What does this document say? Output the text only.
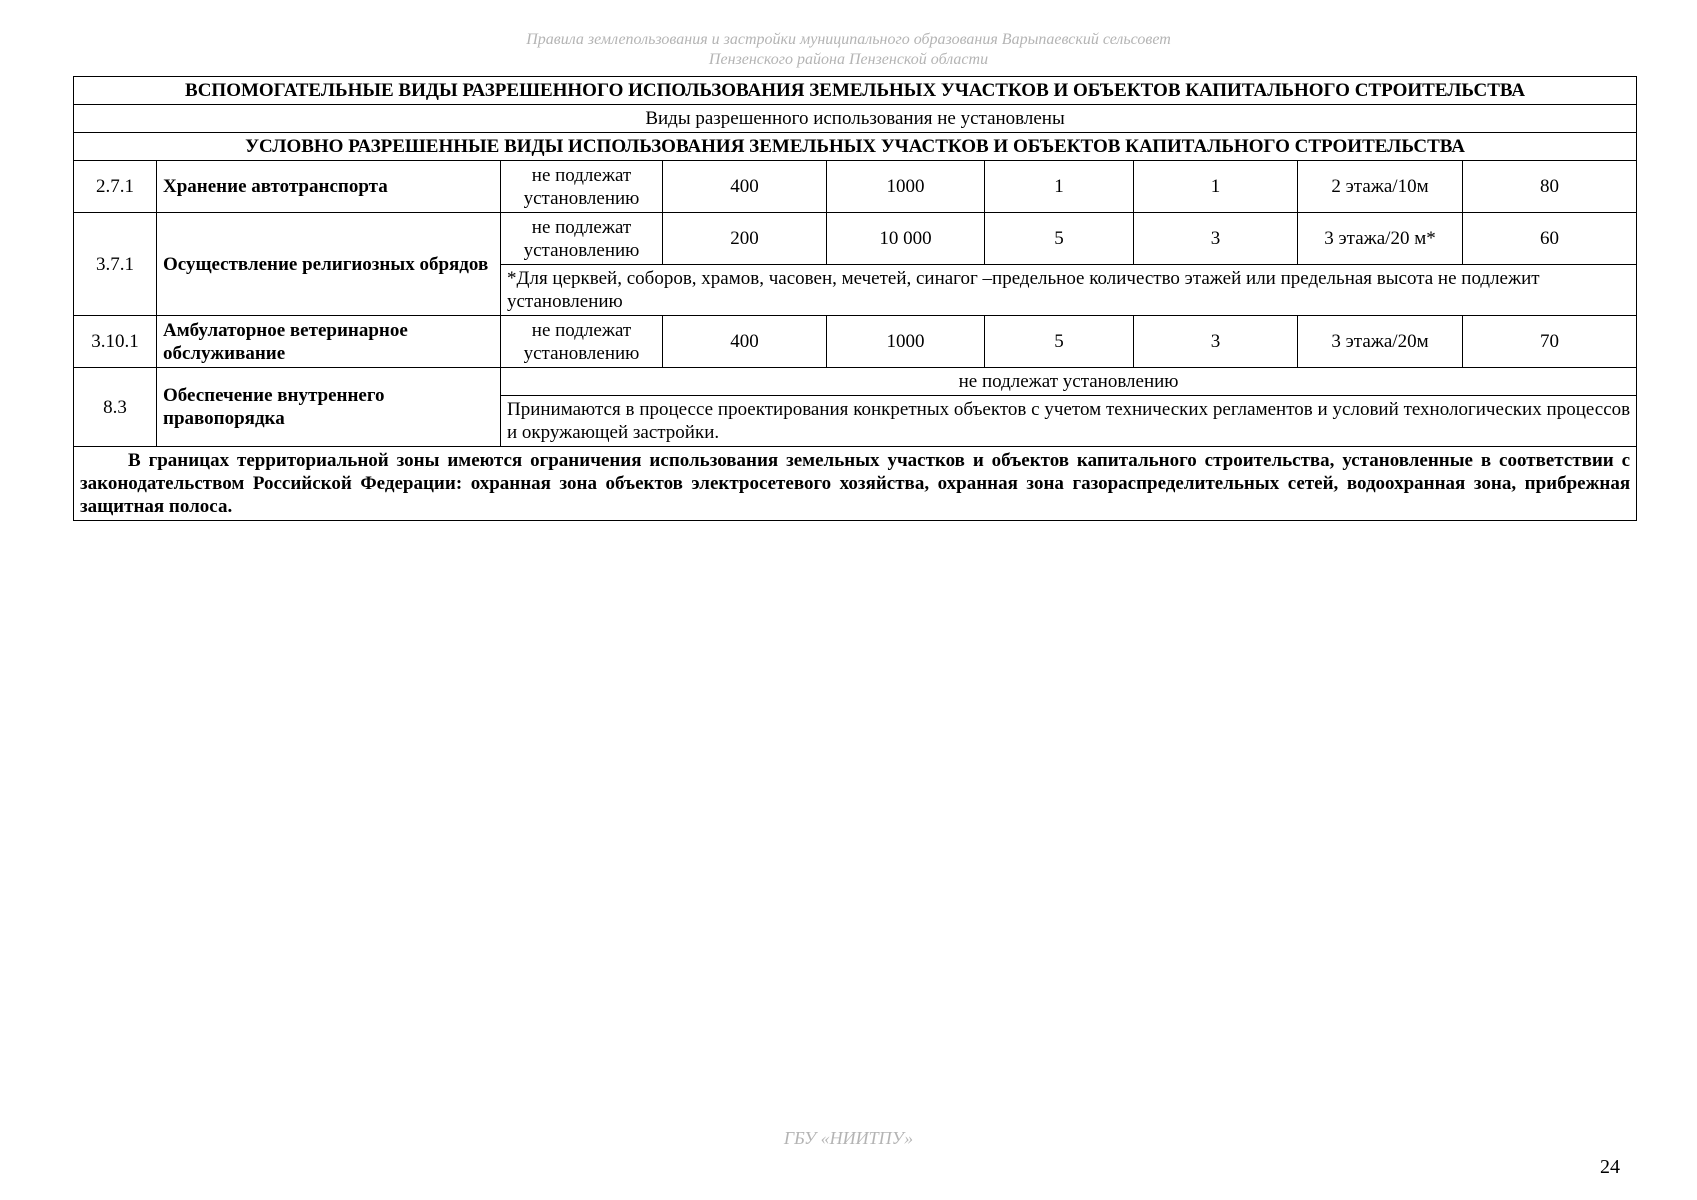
Правила землепользования и застройки муниципального образования Варыпаевский сельсовет
Пензенского района Пензенской области
ВСПОМОГАТЕЛЬНЫЕ ВИДЫ РАЗРЕШЕННОГО ИСПОЛЬЗОВАНИЯ ЗЕМЕЛЬНЫХ УЧАСТКОВ И ОБЪЕКТОВ КАПИТАЛЬНОГО СТРОИТЕЛЬСТВА								
Виды разрешенного использования не установлены								
УСЛОВНО РАЗРЕШЕННЫЕ ВИДЫ ИСПОЛЬЗОВАНИЯ ЗЕМЕЛЬНЫХ УЧАСТКОВ И ОБЪЕКТОВ КАПИТАЛЬНОГО СТРОИТЕЛЬСТВА								
2.7.1	Хранение автотранспорта	не подлежат установлению	400	1000	1	1	2 этажа/10м	80
3.7.1	Осуществление религиозных обрядов	не подлежат установлению	200	10 000	5	3	3 этажа/20 м*	60
		*Для церквей, соборов, храмов, часовен, мечетей, синагог –предельное количество этажей или предельная высота не подлежит установлению						
3.10.1	Амбулаторное ветеринарное обслуживание	не подлежат установлению	400	1000	5	3	3 этажа/20м	70
8.3	Обеспечение внутреннего правопорядка	не подлежат установлению						
		Принимаются в процессе проектирования конкретных объектов с учетом технических регламентов и условий технологических процессов и окружающей застройки.						
В границах территориальной зоны имеются ограничения использования земельных участков и объектов капитального строительства, установленные в соответствии с законодательством Российской Федерации: охранная зона объектов электросетевого хозяйства, охранная зона газораспределительных сетей, водоохранная зона, прибрежная защитная полоса.								
ГБУ «НИИТПУ»
24
